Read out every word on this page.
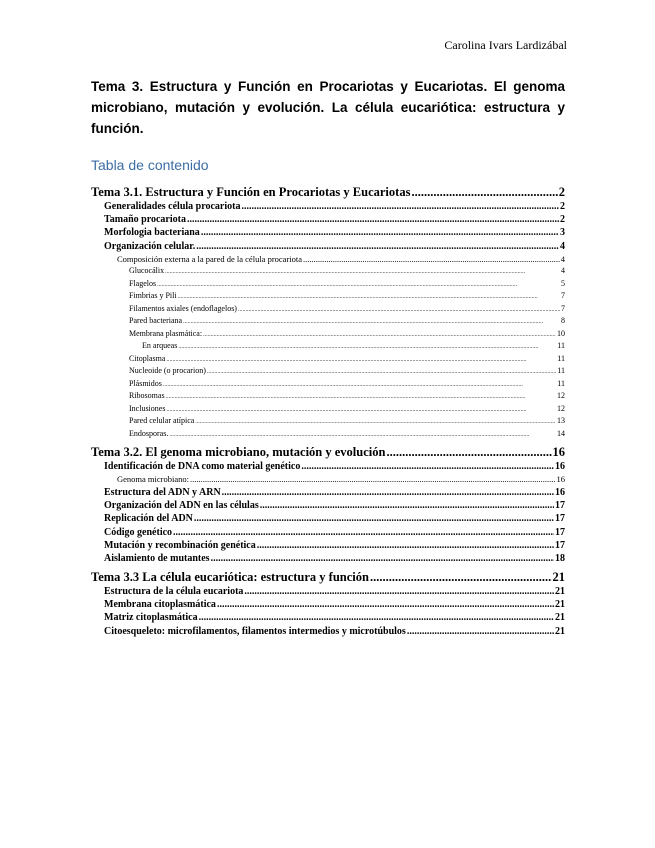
Carolina Ivars Lardizábal

Tema 3. Estructura y Función en Procariotas y Eucariotas. El genoma microbiano, mutación y evolución. La célula eucariótica: estructura y función.

Tabla de contenido
Tema 3.1. Estructura y Función en Procariotas y Eucariotas .....	2
Generalidades célula procariota .....	2
Tamaño procariota .....	2
Morfologia bacteriana .....	3
Organización celular. .....	4
Composición externa a la pared de la célula procariota .....	4
Glucocálix .....	4
Flagelos .....	5
Fimbrias y Pili .....	7
Filamentos axiales (endoflagelos) .....	7
Pared bacteriana .....	8
Membrana plasmática: .....	10
En arqueas .....	11
Citoplasma .....	11
Nucleoide (o procarion) .....	11
Plásmidos .....	11
Ribosomas .....	12
Inclusiones .....	12
Pared celular atípica .....	13
Endosporas. .....	14
Tema 3.2. El genoma microbiano, mutación y evolución .....	16
Identificación de DNA como material genético .....	16
Genoma microbiano: .....	16
Estructura del ADN y ARN .....	16
Organización del ADN en las células .....	17
Replicación del ADN .....	17
Código genético .....	17
Mutación y recombinación genética .....	17
Aislamiento de mutantes .....	18
Tema 3.3 La célula eucariótica: estructura y función .....	21
Estructura de la célula eucariota .....	21
Membrana citoplasmática .....	21
Matriz citoplasmática .....	21
Citoesqueleto: microfilamentos, filamentos intermedios y microtúbulos .....	21
